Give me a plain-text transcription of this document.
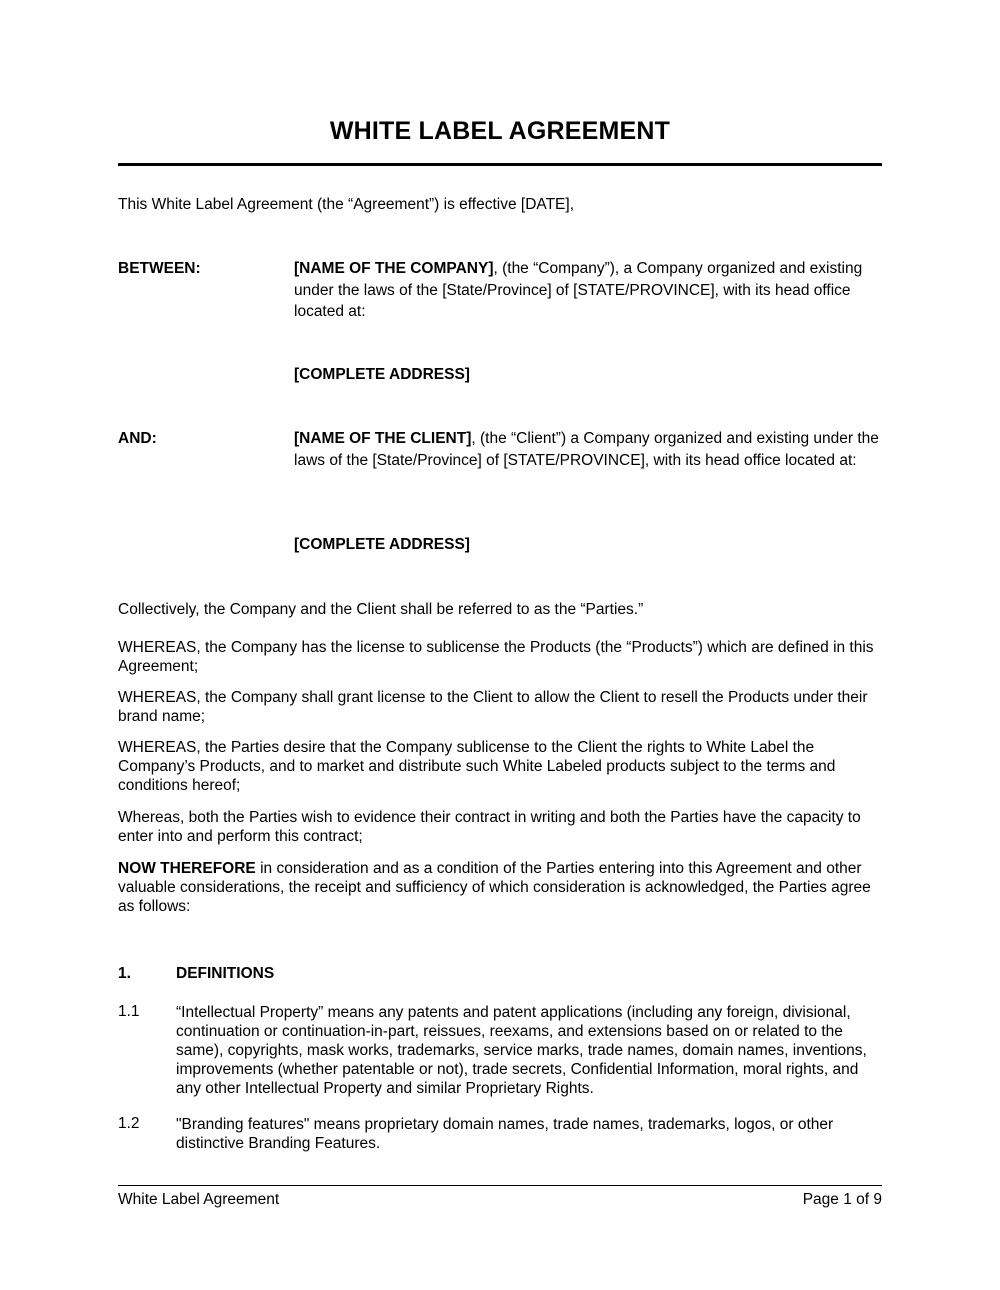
WHITE LABEL AGREEMENT
This White Label Agreement (the “Agreement”) is effective [DATE],
BETWEEN:	[NAME OF THE COMPANY], (the “Company”), a Company organized and existing under the laws of the [State/Province] of [STATE/PROVINCE], with its head office located at:
[COMPLETE ADDRESS]
AND:	[NAME OF THE CLIENT], (the “Client”) a Company organized and existing under the laws of the [State/Province] of [STATE/PROVINCE], with its head office located at:
[COMPLETE ADDRESS]
Collectively, the Company and the Client shall be referred to as the “Parties.”
WHEREAS, the Company has the license to sublicense the Products (the “Products”) which are defined in this Agreement;
WHEREAS, the Company shall grant license to the Client to allow the Client to resell the Products under their brand name;
WHEREAS, the Parties desire that the Company sublicense to the Client the rights to White Label the Company’s Products, and to market and distribute such White Labeled products subject to the terms and conditions hereof;
Whereas, both the Parties wish to evidence their contract in writing and both the Parties have the capacity to enter into and perform this contract;
NOW THEREFORE in consideration and as a condition of the Parties entering into this Agreement and other valuable considerations, the receipt and sufficiency of which consideration is acknowledged, the Parties agree as follows:
1.	DEFINITIONS
1.1 “Intellectual Property” means any patents and patent applications (including any foreign, divisional, continuation or continuation-in-part, reissues, reexams, and extensions based on or related to the same), copyrights, mask works, trademarks, service marks, trade names, domain names, inventions, improvements (whether patentable or not), trade secrets, Confidential Information, moral rights, and any other Intellectual Property and similar Proprietary Rights.
1.2 "Branding features" means proprietary domain names, trade names, trademarks, logos, or other distinctive Branding Features.
White Label Agreement	Page 1 of 9
